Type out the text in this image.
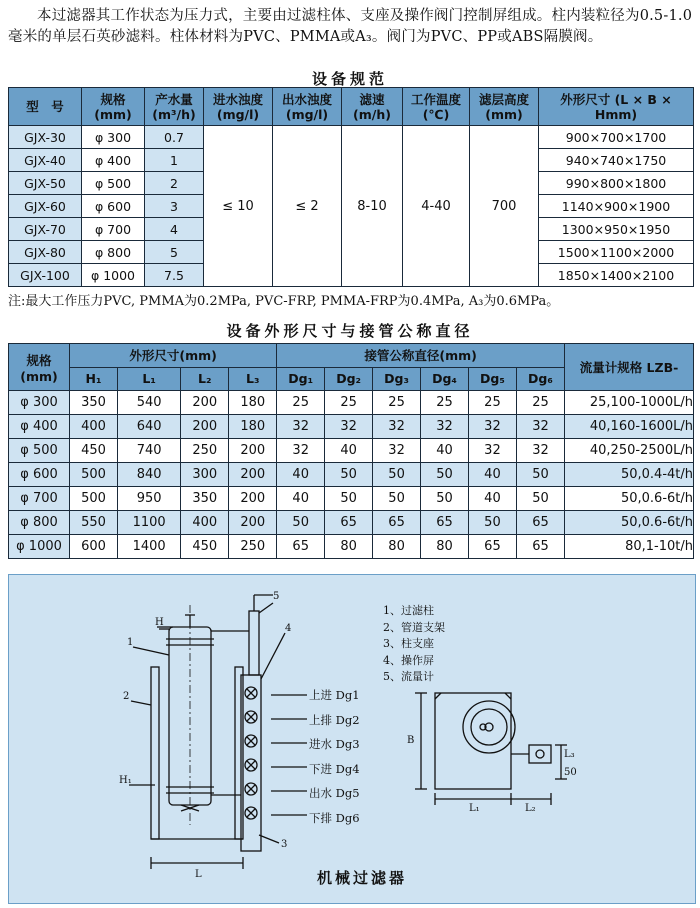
本过滤器其工作状态为压力式，主要由过滤柱体、支座及操作阀门控制屏组成。柱内装粒径为0.5-1.0毫米的单层石英砂滤料。柱体材料为PVC、PMMA或A₃。阀门为PVC、PP或ABS隔膜阀。
设备规范
型　号	规格 (mm)	产水量 (m³/h)	进水浊度 (mg/l)	出水浊度 (mg/l)	滤速 (m/h)	工作温度 (℃)	滤层高度 (mm)	外形尺寸 (L × B × Hmm)
GJX-30	φ 300	0.7	≤ 10	≤ 2	8-10	4-40	700	900×700×1700
GJX-40	φ 400	1						940×740×1750
GJX-50	φ 500	2						990×800×1800
GJX-60	φ 600	3						1140×900×1900
GJX-70	φ 700	4						1300×950×1950
GJX-80	φ 800	5						1500×1100×2000
GJX-100	φ 1000	7.5						1850×1400×2100
注:最大工作压力PVC, PMMA为0.2MPa, PVC-FRP, PMMA-FRP为0.4MPa, A₃为0.6MPa。
设备外形尺寸与接管公称直径
规格 (mm)	外形尺寸(mm)				接管公称直径(mm)						流量计规格 LZB-
	H₁	L₁	L₂	L₃	Dg₁	Dg₂	Dg₃	Dg₄	Dg₅	Dg₆	
φ 300	350	540	200	180	25	25	25	25	25	25	25,100-1000L/h
φ 400	400	640	200	180	32	32	32	32	32	32	40,160-1600L/h
φ 500	450	740	250	200	32	40	32	40	32	32	40,250-2500L/h
φ 600	500	840	300	200	40	50	50	50	40	50	50,0.4-4t/h
φ 700	500	950	350	200	40	50	50	50	40	50	50,0.6-6t/h
φ 800	550	1100	400	200	50	65	65	65	50	65	50,0.6-6t/h
φ 1000	600	1400	450	250	65	80	80	80	65	65	80,1-10t/h
H
H₁
L
1
2
3
4
5
L₁	L₂
B
L₃
50
1、过滤柱
2、管道支架
3、柱支座
4、操作屏
5、流量计
上进 Dg1
上排 Dg2
进水 Dg3
下进 Dg4
出水 Dg5
下排 Dg6
机械过滤器
